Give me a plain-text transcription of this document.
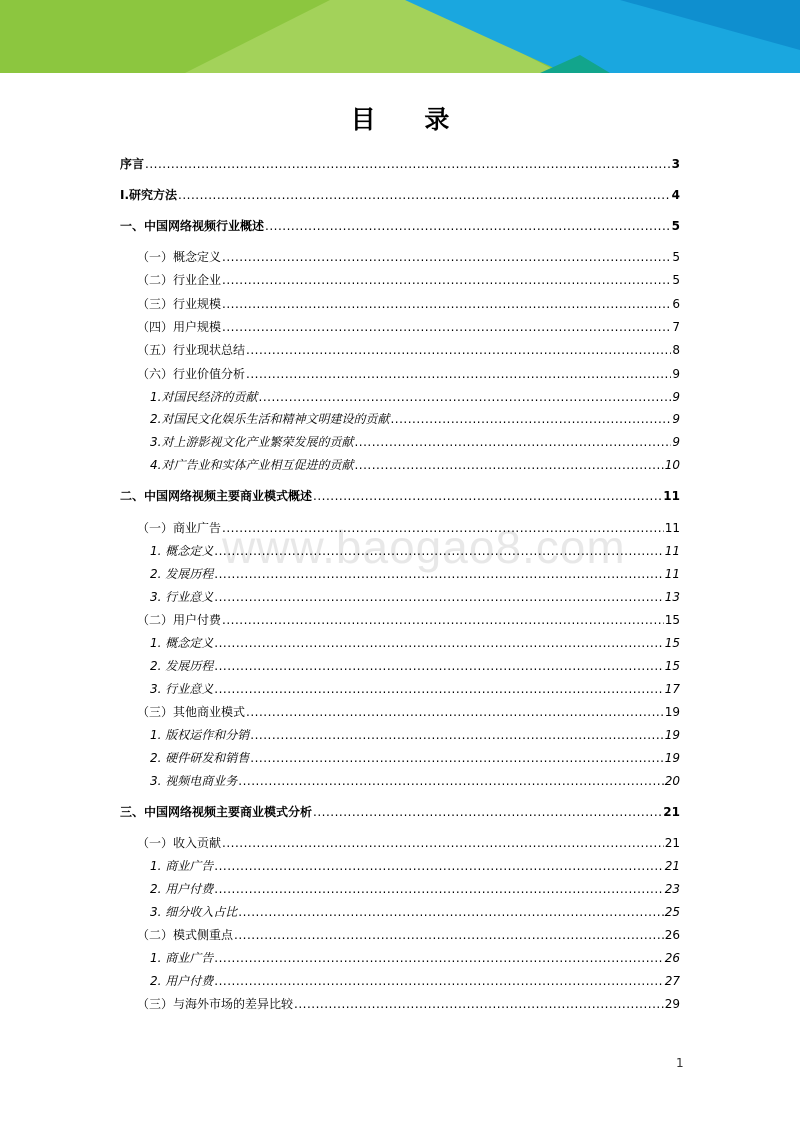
目 录
www.baogao8.com
序言 .....	3
Ⅰ.研究方法 .....	4
一、中国网络视频行业概述 .....	5
（一）概念定义 .....	5
（二）行业企业 .....	5
（三）行业规模 .....	6
（四）用户规模 .....	7
（五）行业现状总结 .....	8
（六）行业价值分析 .....	9
1. 对国民经济的贡献 .....	9
2. 对国民文化娱乐生活和精神文明建设的贡献 .....	9
3. 对上游影视文化产业繁荣发展的贡献 .....	9
4. 对广告业和实体产业相互促进的贡献 .....	10
二、中国网络视频主要商业模式概述 .....	11
（一）商业广告 .....	11
1. 概念定义 .....	11
2. 发展历程 .....	11
3. 行业意义 .....	13
（二）用户付费 .....	15
1. 概念定义 .....	15
2. 发展历程 .....	15
3. 行业意义 .....	17
（三）其他商业模式 .....	19
1. 版权运作和分销 .....	19
2. 硬件研发和销售 .....	19
3. 视频电商业务 .....	20
三、中国网络视频主要商业模式分析 .....	21
（一）收入贡献 .....	21
1. 商业广告 .....	21
2. 用户付费 .....	23
3. 细分收入占比 .....	25
（二）模式侧重点 .....	26
1. 商业广告 .....	26
2. 用户付费 .....	27
（三）与海外市场的差异比较 .....	29
1
